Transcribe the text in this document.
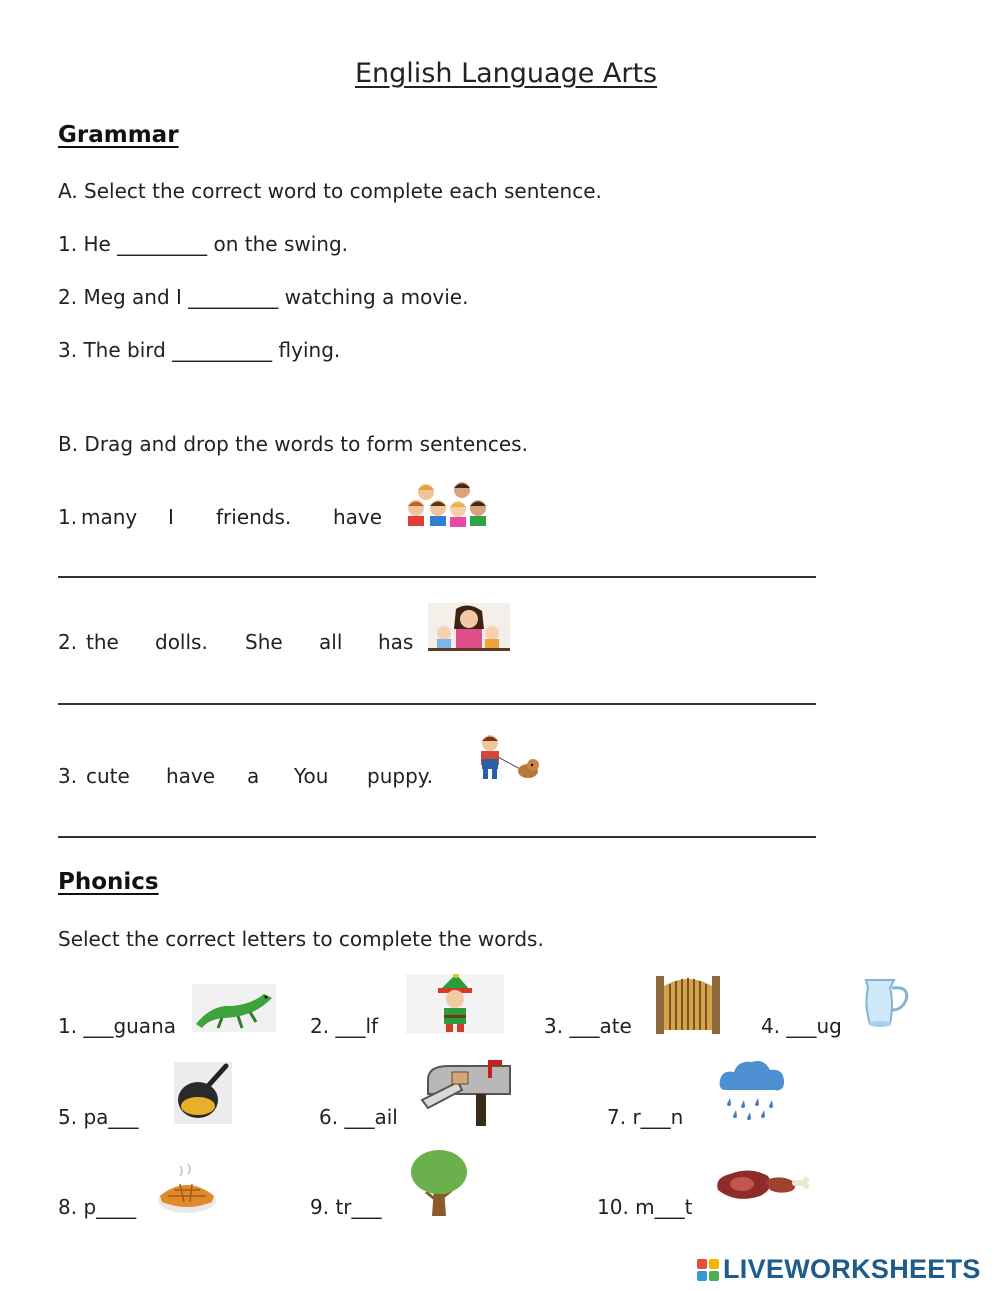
English Language Arts
Grammar
A. Select the correct word to complete each sentence.
1. He _________ on the swing.
2. Meg and I _________ watching a movie.
3. The bird __________ flying.
B. Drag and drop the words to form sentences.
1. many I friends. have
2. the dolls. She all has
3. cute have a You puppy.
Phonics
Select the correct letters to complete the words.
1. ___guana	2. ___lf	3. ___ate	4. ___ug
5. pa___	6. ___ail	7. r___n
8. p____	9. tr___	10. m___t
LIVEWORKSHEETS
